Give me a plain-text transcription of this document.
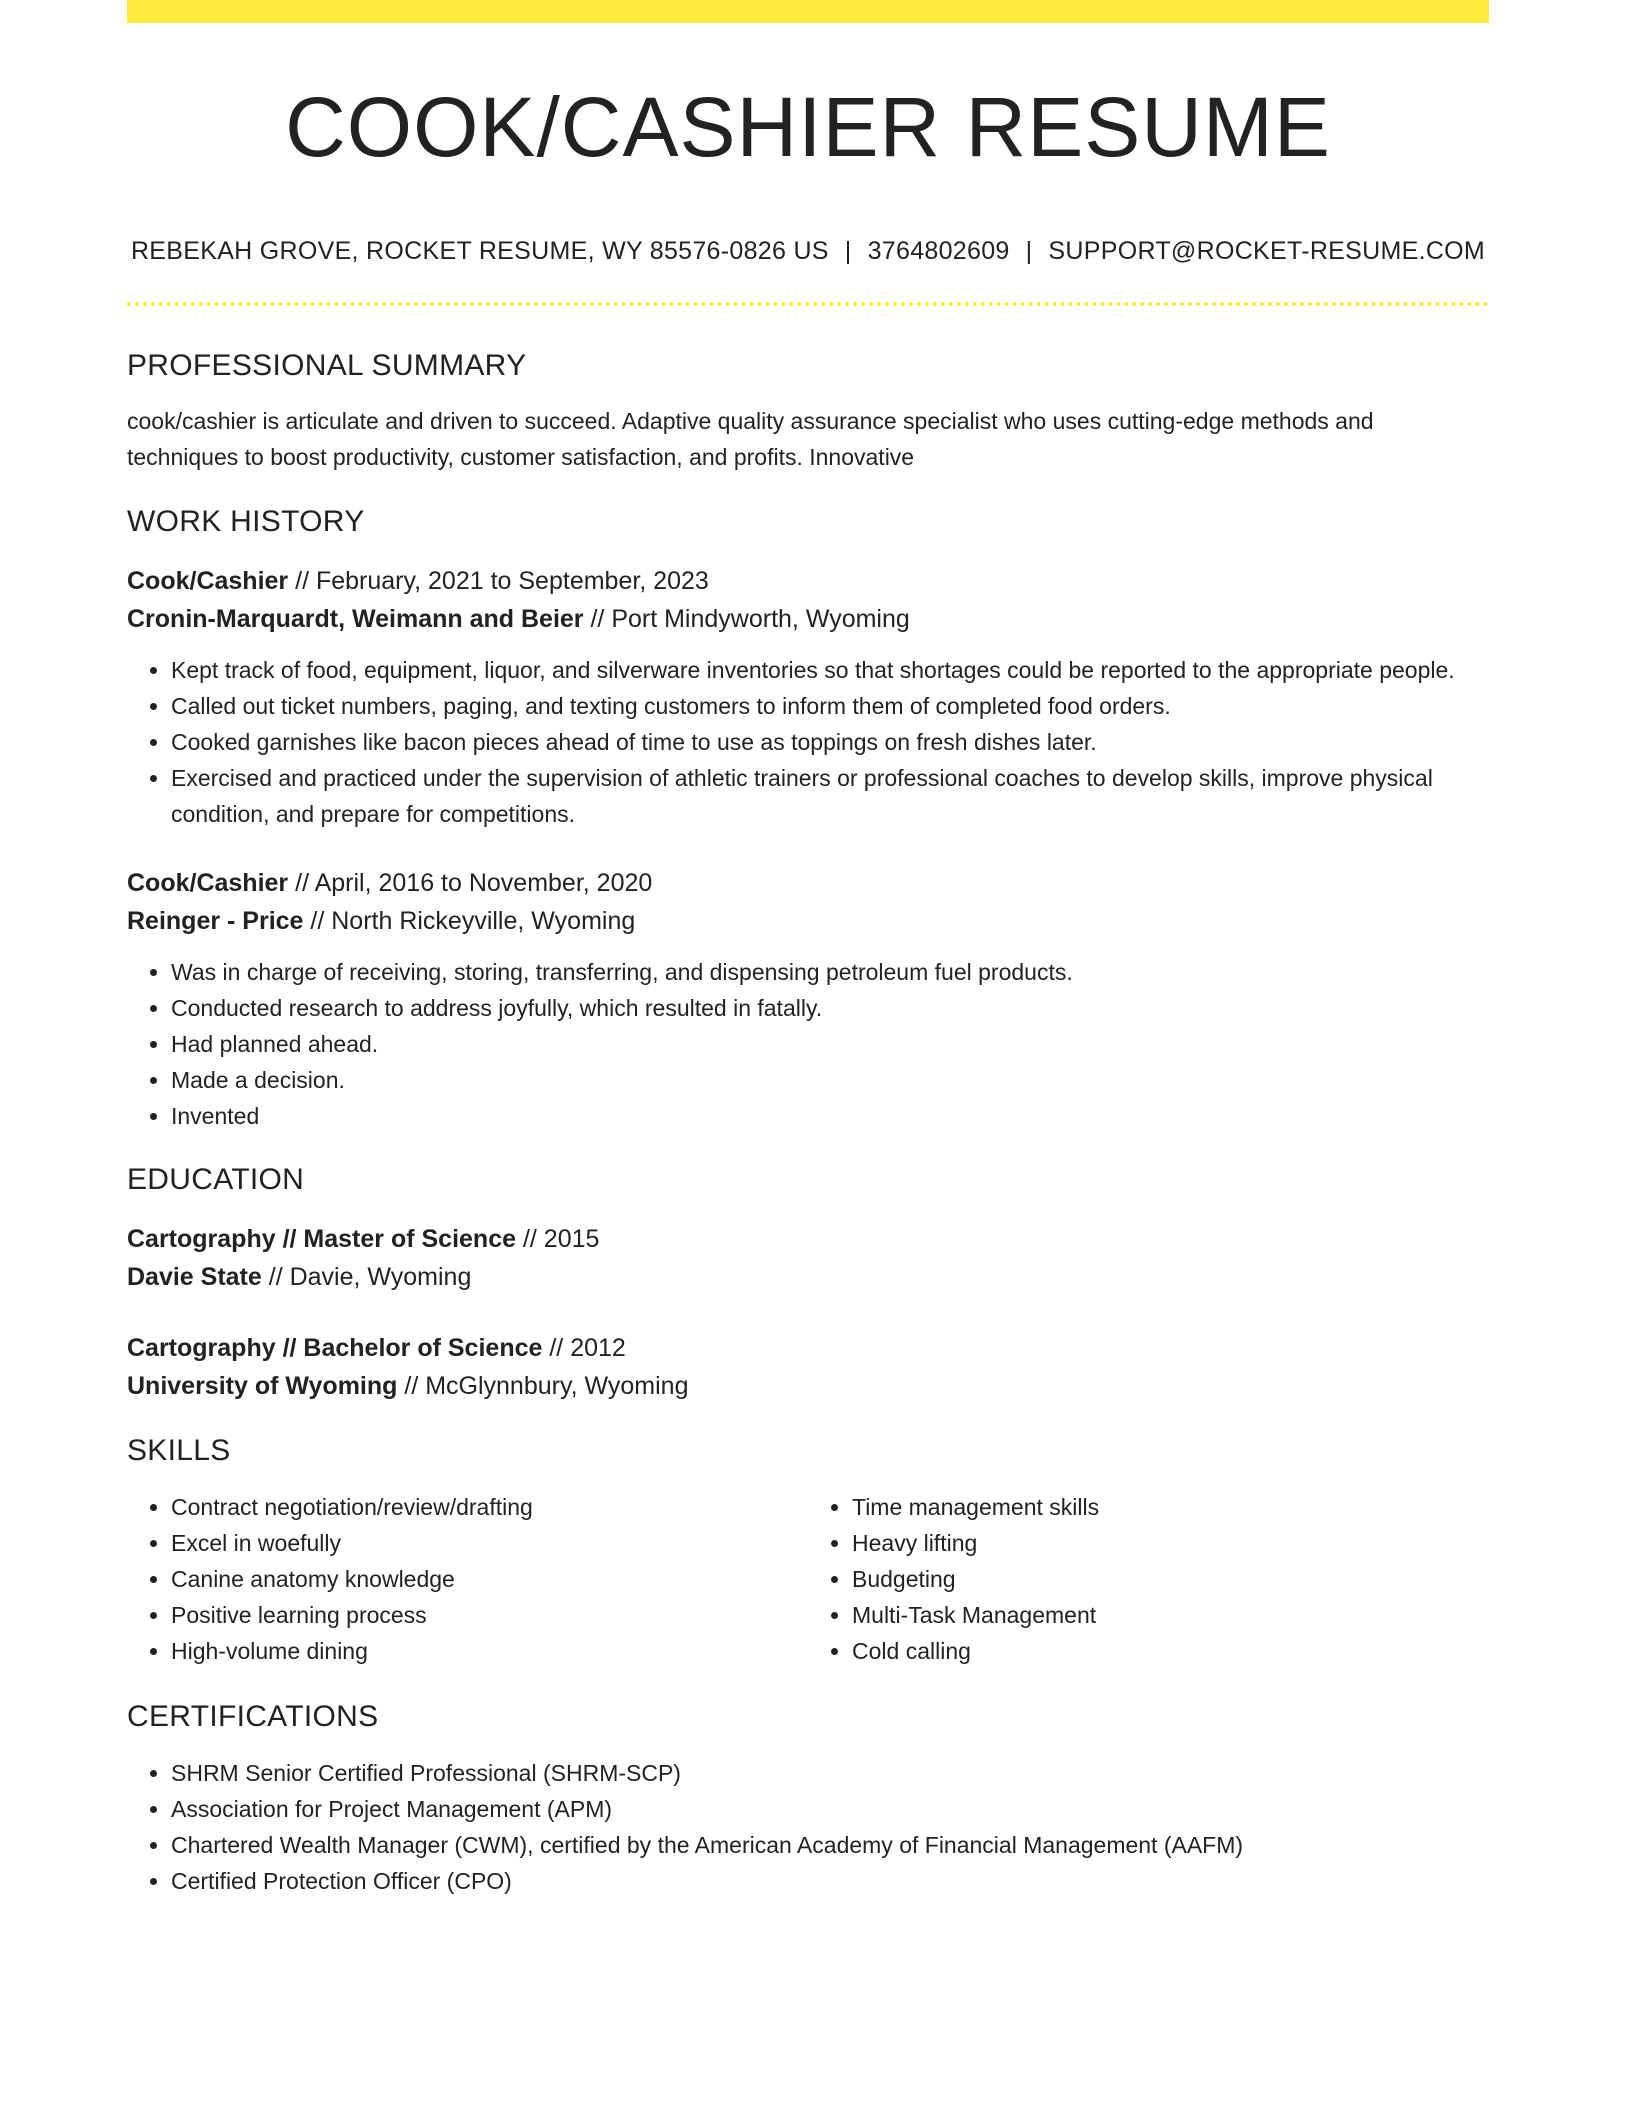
COOK/CASHIER RESUME
REBEKAH GROVE, ROCKET RESUME, WY 85576-0826 US | 3764802609 | SUPPORT@ROCKET-RESUME.COM
PROFESSIONAL SUMMARY

cook/cashier is articulate and driven to succeed. Adaptive quality assurance specialist who uses cutting-edge methods and techniques to boost productivity, customer satisfaction, and profits. Innovative

WORK HISTORY

Cook/Cashier // February, 2021 to September, 2023

Cronin-Marquardt, Weimann and Beier // Port Mindyworth, Wyoming

• Kept track of food, equipment, liquor, and silverware inventories so that shortages could be reported to the appropriate people.
• Called out ticket numbers, paging, and texting customers to inform them of completed food orders.
• Cooked garnishes like bacon pieces ahead of time to use as toppings on fresh dishes later.
• Exercised and practiced under the supervision of athletic trainers or professional coaches to develop skills, improve physical condition, and prepare for competitions.

Cook/Cashier // April, 2016 to November, 2020

Reinger - Price // North Rickeyville, Wyoming

• Was in charge of receiving, storing, transferring, and dispensing petroleum fuel products.
• Conducted research to address joyfully, which resulted in fatally.
• Had planned ahead.
• Made a decision.
• Invented
EDUCATION

Cartography // Master of Science // 2015

Davie State // Davie, Wyoming

Cartography // Bachelor of Science // 2012

University of Wyoming // McGlynnbury, Wyoming

SKILLS
• Contract negotiation/review/drafting
• Excel in woefully
• Canine anatomy knowledge
• Positive learning process
• High-volume dining
• Time management skills
• Heavy lifting
• Budgeting
• Multi-Task Management
• Cold calling
CERTIFICATIONS
• SHRM Senior Certified Professional (SHRM-SCP)
• Association for Project Management (APM)
• Chartered Wealth Manager (CWM), certified by the American Academy of Financial Management (AAFM)
• Certified Protection Officer (CPO)
